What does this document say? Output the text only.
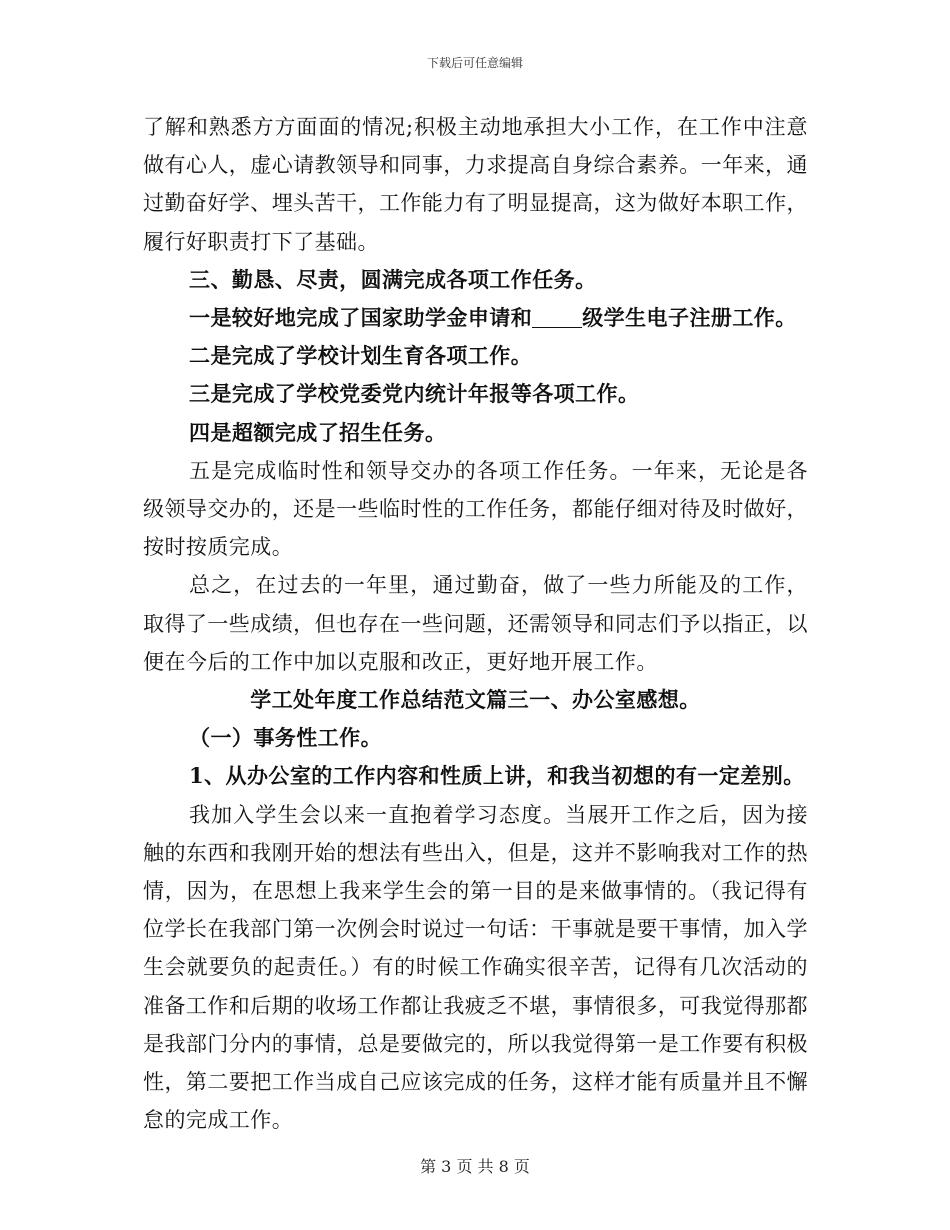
下载后可任意编辑

了解和熟悉方方面面的情况;积极主动地承担大小工作，在工作中注意做有心人，虚心请教领导和同事，力求提高自身综合素养。一年来，通过勤奋好学、埋头苦干，工作能力有了明显提高，这为做好本职工作，履行好职责打下了基础。

三、勤恳、尽责，圆满完成各项工作任务。

一是较好地完成了国家助学金申请和 级学生电子注册工作。

二是完成了学校计划生育各项工作。

三是完成了学校党委党内统计年报等各项工作。

四是超额完成了招生任务。

五是完成临时性和领导交办的各项工作任务。一年来，无论是各级领导交办的，还是一些临时性的工作任务，都能仔细对待及时做好，按时按质完成。

总之，在过去的一年里，通过勤奋，做了一些力所能及的工作，取得了一些成绩，但也存在一些问题，还需领导和同志们予以指正，以便在今后的工作中加以克服和改正，更好地开展工作。

学工处年度工作总结范文篇三一、办公室感想。

（一）事务性工作。

1、从办公室的工作内容和性质上讲，和我当初想的有一定差别。

我加入学生会以来一直抱着学习态度。当展开工作之后，因为接触的东西和我刚开始的想法有些出入，但是，这并不影响我对工作的热情，因为，在思想上我来学生会的第一目的是来做事情的。（我记得有位学长在我部门第一次例会时说过一句话：干事就是要干事情，加入学生会就要负的起责任。）有的时候工作确实很辛苦，记得有几次活动的准备工作和后期的收场工作都让我疲乏不堪，事情很多，可我觉得那都是我部门分内的事情，总是要做完的，所以我觉得第一是工作要有积极性，第二要把工作当成自己应该完成的任务，这样才能有质量并且不懈怠的完成工作。

第 3 页 共 8 页
